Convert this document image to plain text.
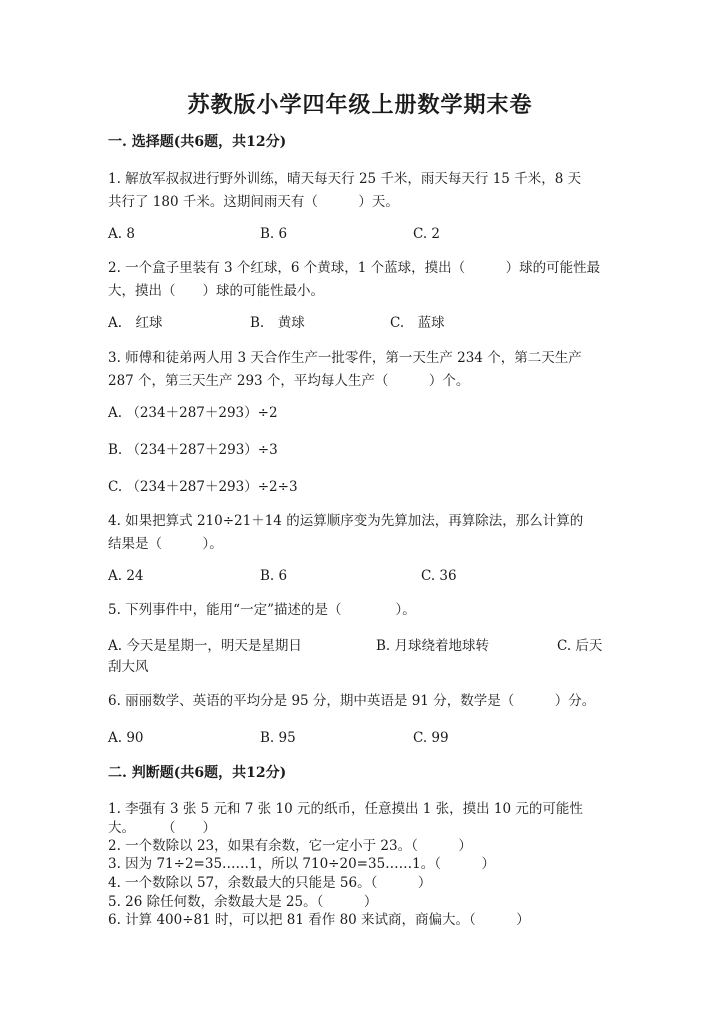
苏教版小学四年级上册数学期末卷
一. 选择题(共6题，共12分)
1. 解放军叔叔进行野外训练，晴天每天行 25 千米，雨天每天行 15 千米，8 天
共行了 180 千米。这期间雨天有（　　　）天。
A. 8	B. 6	C. 2
2. 一个盒子里装有 3 个红球，6 个黄球，1 个蓝球，摸出（　　　）球的可能性最
大，摸出（　　）球的可能性最小。
A.　红球	B.　黄球	C.　蓝球
3. 师傅和徒弟两人用 3 天合作生产一批零件，第一天生产 234 个，第二天生产
287 个，第三天生产 293 个，平均每人生产（　　　）个。
A. （234＋287＋293）÷2
B. （234＋287＋293）÷3
C. （234＋287＋293）÷2÷3
4. 如果把算式 210÷21＋14 的运算顺序变为先算加法，再算除法，那么计算的
结果是（　　　）。
A. 24	B. 6	C. 36
5. 下列事件中，能用“一定”描述的是（　　　　）。
A. 今天是星期一，明天是星期日	B. 月球绕着地球转	C. 后天
刮大风
6. 丽丽数学、英语的平均分是 95 分，期中英语是 91 分，数学是（　　　）分。
A. 90	B. 95	C. 99
二. 判断题(共6题，共12分)
1. 李强有 3 张 5 元和 7 张 10 元的纸币，任意摸出 1 张，摸出 10 元的可能性
大。　　　（　　）
2. 一个数除以 23，如果有余数，它一定小于 23。（　　　）
3. 因为 71÷2=35……1，所以 710÷20=35……1。（　　　）
4. 一个数除以 57，余数最大的只能是 56。（　　　）
5. 26 除任何数，余数最大是 25。（　　　）
6. 计算 400÷81 时，可以把 81 看作 80 来试商，商偏大。（　　　）
